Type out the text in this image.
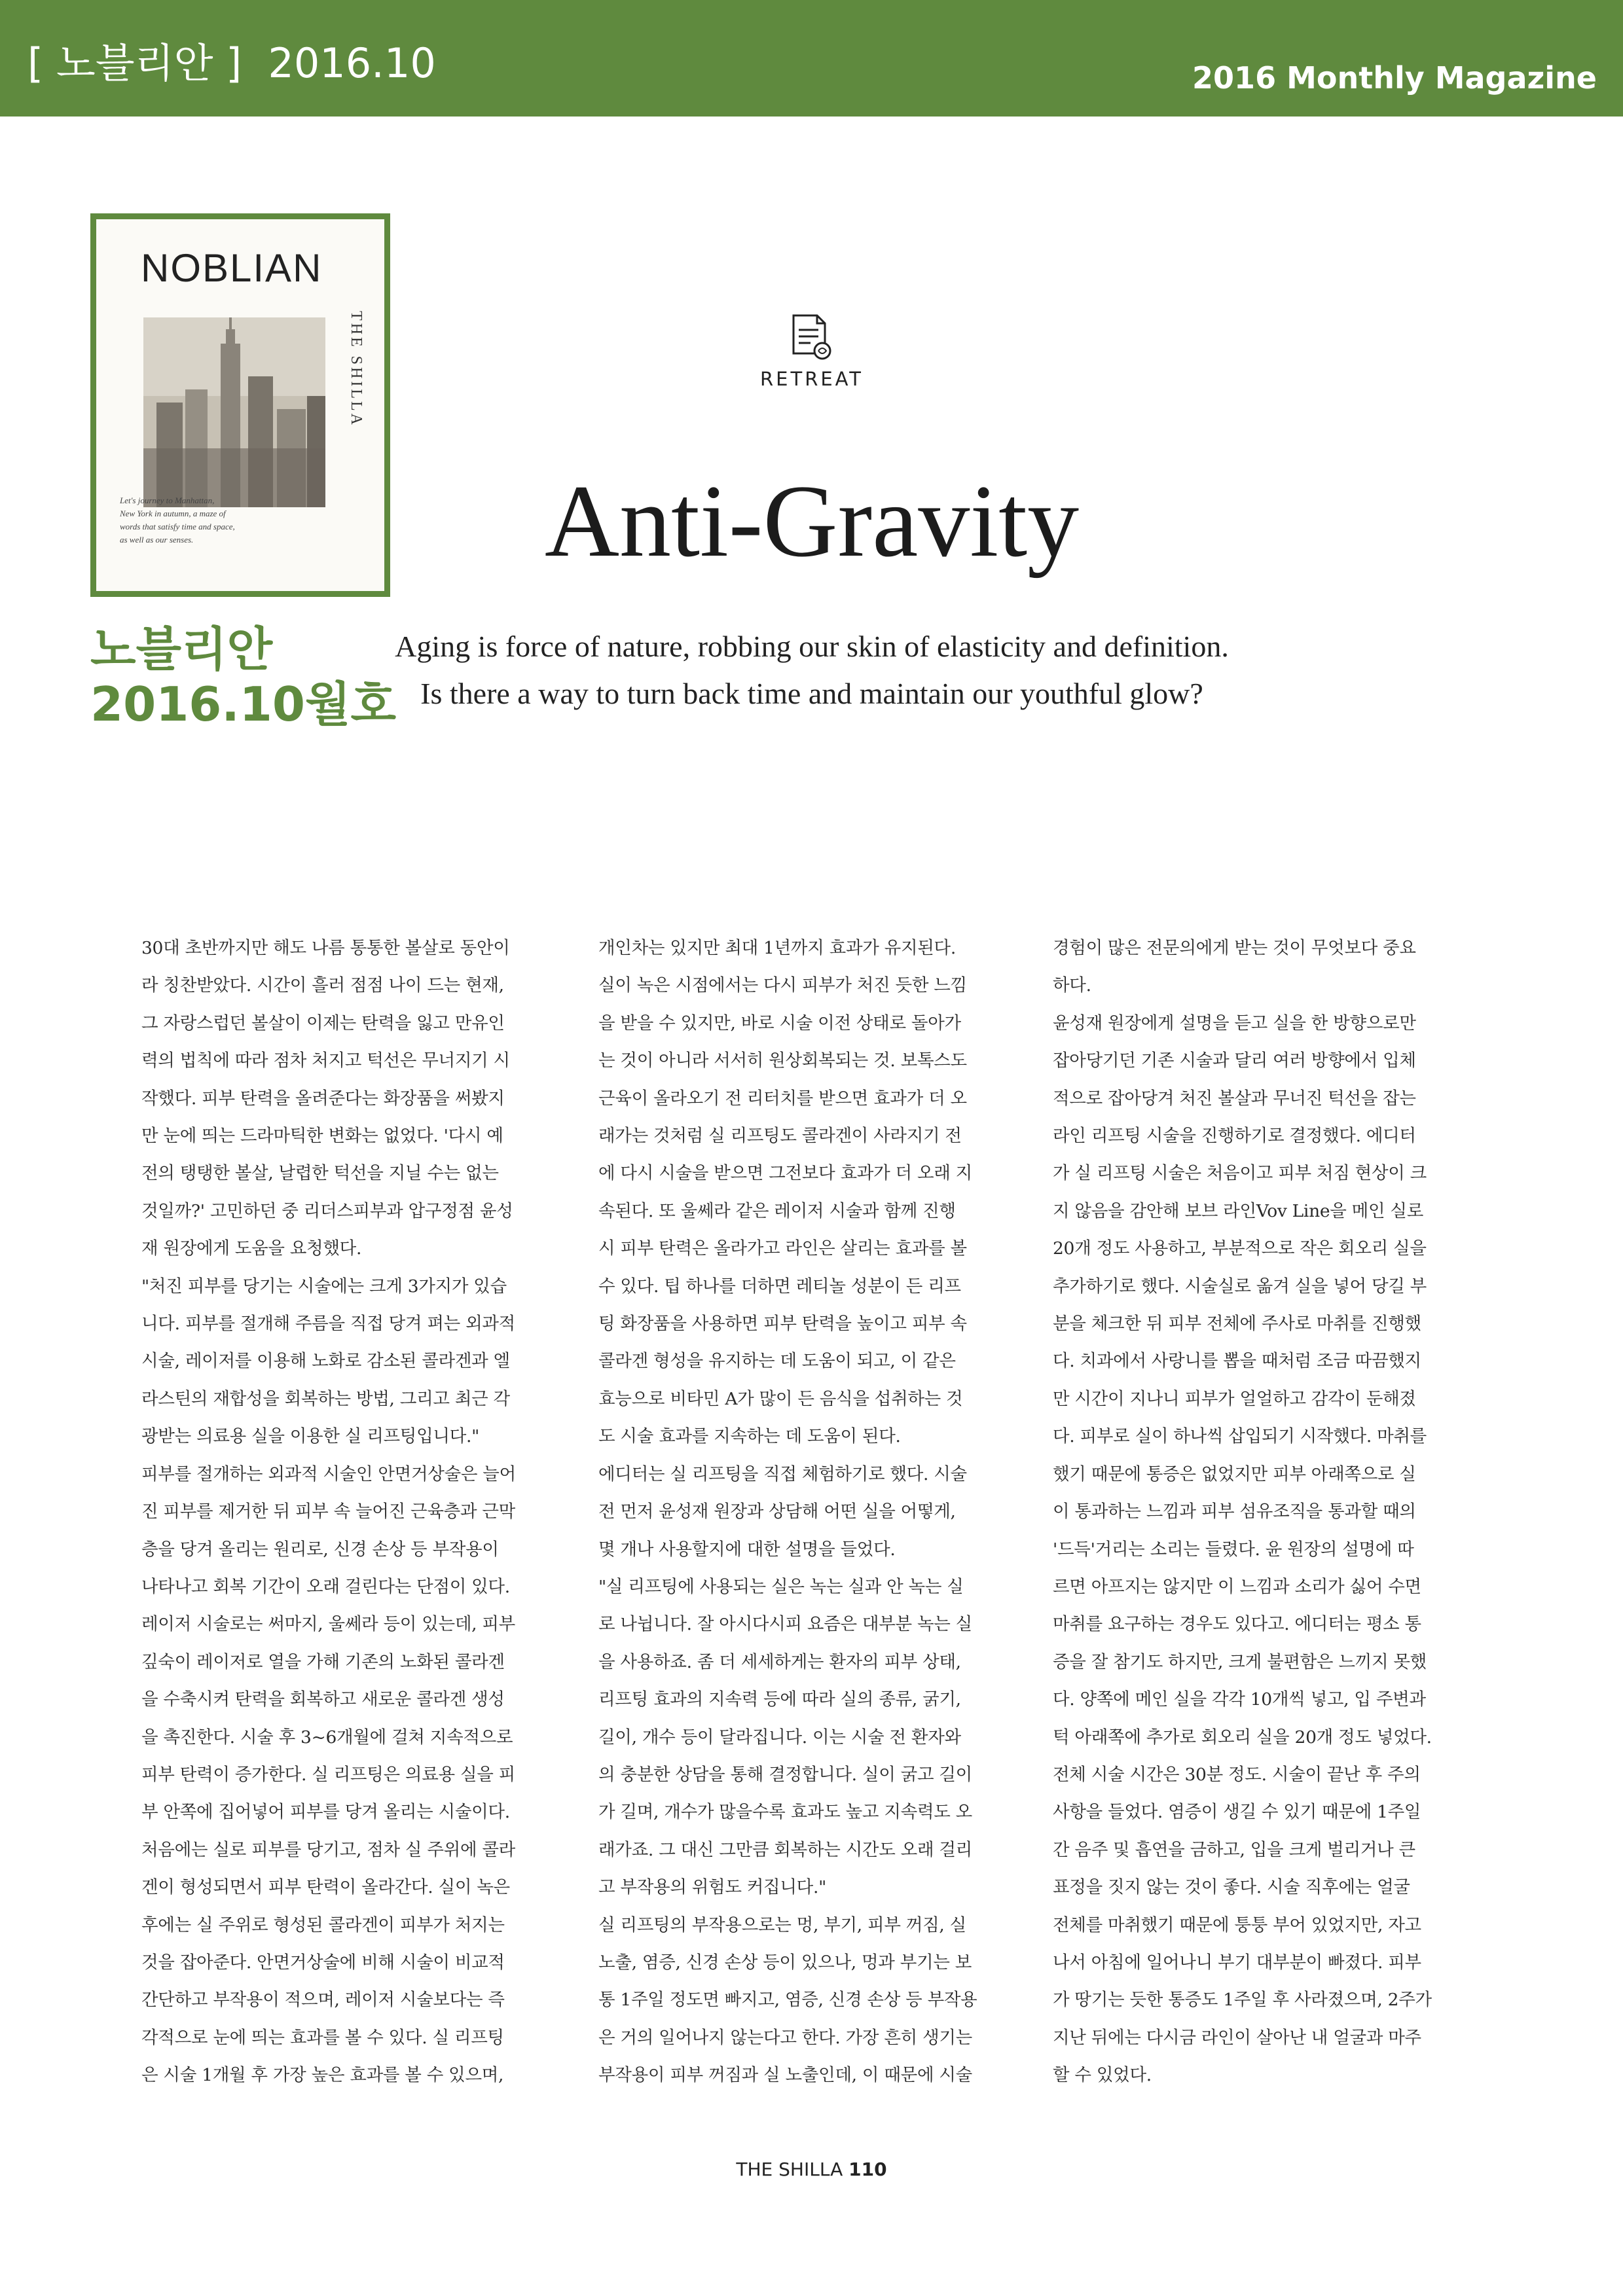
[ 노블리안 ] 2016.10	2016 Monthly Magazine
NOBLIAN
THE SHILLA
Let's journey to Manhattan,
New York in autumn, a maze of
words that satisfy time and space,
as well as our senses.
노블리안
2016.10월호
RETREAT
Anti-Gravity
Aging is force of nature, robbing our skin of elasticity and definition.
Is there a way to turn back time and maintain our youthful glow?
30대 초반까지만 해도 나름 통통한 볼살로 동안이
라 칭찬받았다. 시간이 흘러 점점 나이 드는 현재,
그 자랑스럽던 볼살이 이제는 탄력을 잃고 만유인
력의 법칙에 따라 점차 처지고 턱선은 무너지기 시
작했다. 피부 탄력을 올려준다는 화장품을 써봤지
만 눈에 띄는 드라마틱한 변화는 없었다. '다시 예
전의 탱탱한 볼살, 날렵한 턱선을 지닐 수는 없는
것일까?' 고민하던 중 리더스피부과 압구정점 윤성
재 원장에게 도움을 요청했다.
"처진 피부를 당기는 시술에는 크게 3가지가 있습
니다. 피부를 절개해 주름을 직접 당겨 펴는 외과적
시술, 레이저를 이용해 노화로 감소된 콜라겐과 엘
라스틴의 재합성을 회복하는 방법, 그리고 최근 각
광받는 의료용 실을 이용한 실 리프팅입니다."
피부를 절개하는 외과적 시술인 안면거상술은 늘어
진 피부를 제거한 뒤 피부 속 늘어진 근육층과 근막
층을 당겨 올리는 원리로, 신경 손상 등 부작용이
나타나고 회복 기간이 오래 걸린다는 단점이 있다.
레이저 시술로는 써마지, 울쎄라 등이 있는데, 피부
깊숙이 레이저로 열을 가해 기존의 노화된 콜라겐
을 수축시켜 탄력을 회복하고 새로운 콜라겐 생성
을 촉진한다. 시술 후 3~6개월에 걸쳐 지속적으로
피부 탄력이 증가한다. 실 리프팅은 의료용 실을 피
부 안쪽에 집어넣어 피부를 당겨 올리는 시술이다.
처음에는 실로 피부를 당기고, 점차 실 주위에 콜라
겐이 형성되면서 피부 탄력이 올라간다. 실이 녹은
후에는 실 주위로 형성된 콜라겐이 피부가 처지는
것을 잡아준다. 안면거상술에 비해 시술이 비교적
간단하고 부작용이 적으며, 레이저 시술보다는 즉
각적으로 눈에 띄는 효과를 볼 수 있다. 실 리프팅
은 시술 1개월 후 가장 높은 효과를 볼 수 있으며,
개인차는 있지만 최대 1년까지 효과가 유지된다.
실이 녹은 시점에서는 다시 피부가 처진 듯한 느낌
을 받을 수 있지만, 바로 시술 이전 상태로 돌아가
는 것이 아니라 서서히 원상회복되는 것. 보톡스도
근육이 올라오기 전 리터치를 받으면 효과가 더 오
래가는 것처럼 실 리프팅도 콜라겐이 사라지기 전
에 다시 시술을 받으면 그전보다 효과가 더 오래 지
속된다. 또 울쎄라 같은 레이저 시술과 함께 진행
시 피부 탄력은 올라가고 라인은 살리는 효과를 볼
수 있다. 팁 하나를 더하면 레티놀 성분이 든 리프
팅 화장품을 사용하면 피부 탄력을 높이고 피부 속
콜라겐 형성을 유지하는 데 도움이 되고, 이 같은
효능으로 비타민 A가 많이 든 음식을 섭취하는 것
도 시술 효과를 지속하는 데 도움이 된다.
에디터는 실 리프팅을 직접 체험하기로 했다. 시술
전 먼저 윤성재 원장과 상담해 어떤 실을 어떻게,
몇 개나 사용할지에 대한 설명을 들었다.
"실 리프팅에 사용되는 실은 녹는 실과 안 녹는 실
로 나뉩니다. 잘 아시다시피 요즘은 대부분 녹는 실
을 사용하죠. 좀 더 세세하게는 환자의 피부 상태,
리프팅 효과의 지속력 등에 따라 실의 종류, 굵기,
길이, 개수 등이 달라집니다. 이는 시술 전 환자와
의 충분한 상담을 통해 결정합니다. 실이 굵고 길이
가 길며, 개수가 많을수록 효과도 높고 지속력도 오
래가죠. 그 대신 그만큼 회복하는 시간도 오래 걸리
고 부작용의 위험도 커집니다."
실 리프팅의 부작용으로는 멍, 부기, 피부 꺼짐, 실
노출, 염증, 신경 손상 등이 있으나, 멍과 부기는 보
통 1주일 정도면 빠지고, 염증, 신경 손상 등 부작용
은 거의 일어나지 않는다고 한다. 가장 흔히 생기는
부작용이 피부 꺼짐과 실 노출인데, 이 때문에 시술
경험이 많은 전문의에게 받는 것이 무엇보다 중요
하다.
윤성재 원장에게 설명을 듣고 실을 한 방향으로만
잡아당기던 기존 시술과 달리 여러 방향에서 입체
적으로 잡아당겨 처진 볼살과 무너진 턱선을 잡는
라인 리프팅 시술을 진행하기로 결정했다. 에디터
가 실 리프팅 시술은 처음이고 피부 처짐 현상이 크
지 않음을 감안해 보브 라인Vov Line을 메인 실로
20개 정도 사용하고, 부분적으로 작은 회오리 실을
추가하기로 했다. 시술실로 옮겨 실을 넣어 당길 부
분을 체크한 뒤 피부 전체에 주사로 마취를 진행했
다. 치과에서 사랑니를 뽑을 때처럼 조금 따끔했지
만 시간이 지나니 피부가 얼얼하고 감각이 둔해졌
다. 피부로 실이 하나씩 삽입되기 시작했다. 마취를
했기 때문에 통증은 없었지만 피부 아래쪽으로 실
이 통과하는 느낌과 피부 섬유조직을 통과할 때의
'드득'거리는 소리는 들렸다. 윤 원장의 설명에 따
르면 아프지는 않지만 이 느낌과 소리가 싫어 수면
마취를 요구하는 경우도 있다고. 에디터는 평소 통
증을 잘 참기도 하지만, 크게 불편함은 느끼지 못했
다. 양쪽에 메인 실을 각각 10개씩 넣고, 입 주변과
턱 아래쪽에 추가로 회오리 실을 20개 정도 넣었다.
전체 시술 시간은 30분 정도. 시술이 끝난 후 주의
사항을 들었다. 염증이 생길 수 있기 때문에 1주일
간 음주 및 흡연을 금하고, 입을 크게 벌리거나 큰
표정을 짓지 않는 것이 좋다. 시술 직후에는 얼굴
전체를 마취했기 때문에 퉁퉁 부어 있었지만, 자고
나서 아침에 일어나니 부기 대부분이 빠졌다. 피부
가 땅기는 듯한 통증도 1주일 후 사라졌으며, 2주가
지난 뒤에는 다시금 라인이 살아난 내 얼굴과 마주
할 수 있었다.
THE SHILLA 110
